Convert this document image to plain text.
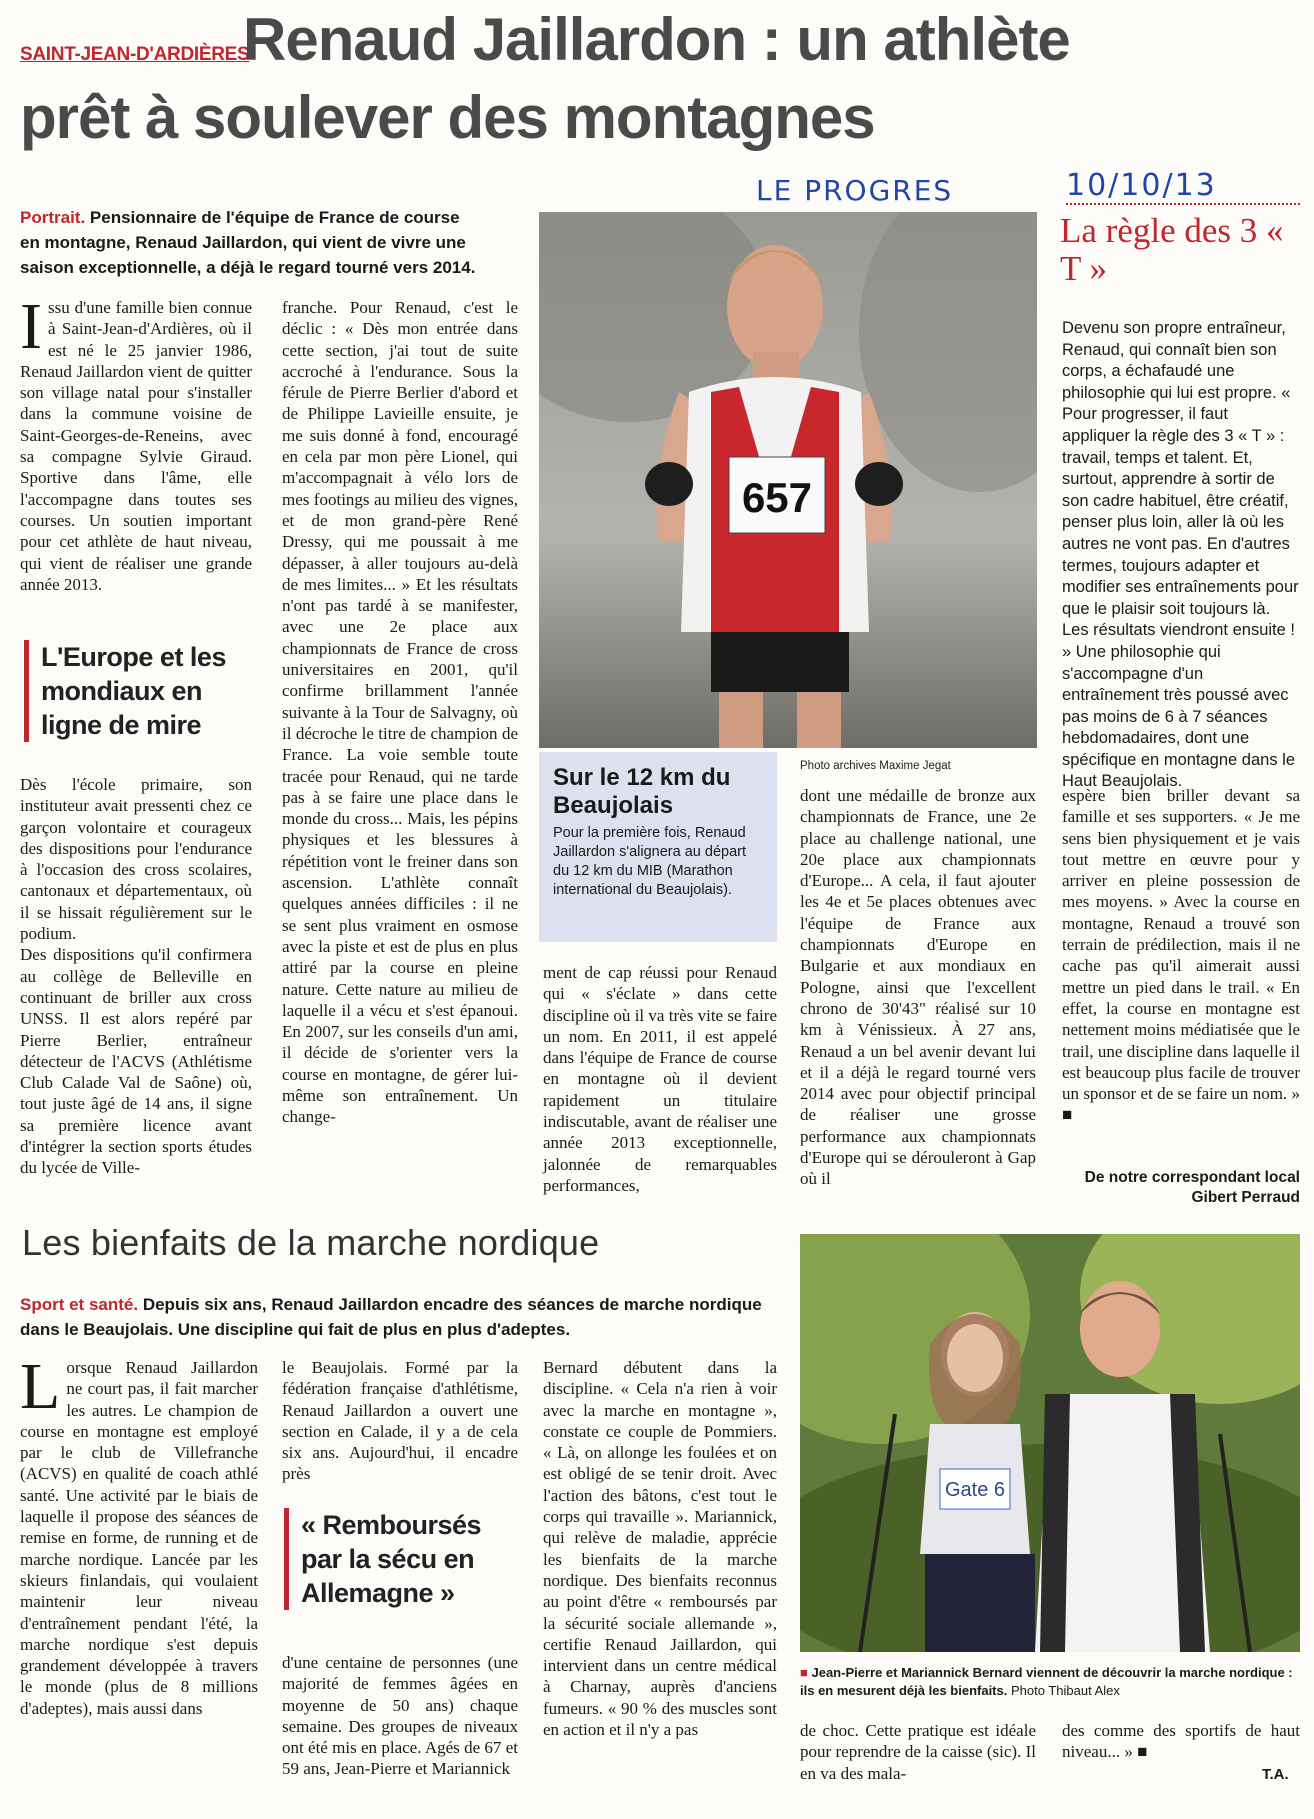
SAINT-JEAN-D'ARDIÈRES
Renaud Jaillardon : un athlète
prêt à soulever des montagnes
LE PROGRES	10/10/13
Portrait. Pensionnaire de l'équipe de France de course en montagne, Renaud Jaillardon, qui vient de vivre une saison exceptionnelle, a déjà le regard tourné vers 2014.

Issu d'une famille bien connue à Saint-Jean-d'Ardières, où il est né le 25 janvier 1986, Renaud Jaillardon vient de quitter son village natal pour s'installer dans la commune voisine de Saint-Georges-de-Reneins, avec sa compagne Sylvie Giraud. Sportive dans l'âme, elle l'accompagne dans toutes ses courses. Un soutien important pour cet athlète de haut niveau, qui vient de réaliser une grande année 2013.

L'Europe et les mondiaux en ligne de mire

Dès l'école primaire, son instituteur avait pressenti chez ce garçon volontaire et courageux des dispositions pour l'endurance à l'occasion des cross scolaires, cantonaux et départementaux, où il se hissait régulièrement sur le podium.

Des dispositions qu'il confirmera au collège de Belleville en continuant de briller aux cross UNSS. Il est alors repéré par Pierre Berlier, entraîneur détecteur de l'ACVS (Athlétisme Club Calade Val de Saône) où, tout juste âgé de 14 ans, il signe sa première licence avant d'intégrer la section sports études du lycée de Ville-

franche. Pour Renaud, c'est le déclic : « Dès mon entrée dans cette section, j'ai tout de suite accroché à l'endurance. Sous la férule de Pierre Berlier d'abord et de Philippe Lavieille ensuite, je me suis donné à fond, encouragé en cela par mon père Lionel, qui m'accompagnait à vélo lors de mes footings au milieu des vignes, et de mon grand-père René Dressy, qui me poussait à me dépasser, à aller toujours au-delà de mes limites... » Et les résultats n'ont pas tardé à se manifester, avec une 2e place aux championnats de France de cross universitaires en 2001, qu'il confirme brillamment l'année suivante à la Tour de Salvagny, où il décroche le titre de champion de France. La voie semble toute tracée pour Renaud, qui ne tarde pas à se faire une place dans le monde du cross... Mais, les pépins physiques et les blessures à répétition vont le freiner dans son ascension. L'athlète connaît quelques années difficiles : il ne se sent plus vraiment en osmose avec la piste et est de plus en plus attiré par la course en pleine nature. Cette nature au milieu de laquelle il a vécu et s'est épanoui. En 2007, sur les conseils d'un ami, il décide de s'orienter vers la course en montagne, de gérer lui-même son entraînement. Un change-

657
Photo archives Maxime Jegat
Sur le 12 km du Beaujolais
Pour la première fois, Renaud Jaillardon s'alignera au départ du 12 km du MIB (Marathon international du Beaujolais).

ment de cap réussi pour Renaud qui « s'éclate » dans cette discipline où il va très vite se faire un nom. En 2011, il est appelé dans l'équipe de France de course en montagne où il devient rapidement un titulaire indiscutable, avant de réaliser une année 2013 exceptionnelle, jalonnée de remarquables performances,

dont une médaille de bronze aux championnats de France, une 2e place au challenge national, une 20e place aux championnats d'Europe... A cela, il faut ajouter les 4e et 5e places obtenues avec l'équipe de France aux championnats d'Europe en Bulgarie et aux mondiaux en Pologne, ainsi que l'excellent chrono de 30'43" réalisé sur 10 km à Vénissieux. À 27 ans, Renaud a un bel avenir devant lui et il a déjà le regard tourné vers 2014 avec pour objectif principal de réaliser une grosse performance aux championnats d'Europe qui se dérouleront à Gap où il

La règle des 3 « T »
Devenu son propre entraîneur, Renaud, qui connaît bien son corps, a échafaudé une philosophie qui lui est propre. « Pour progresser, il faut appliquer la règle des 3 « T » : travail, temps et talent. Et, surtout, apprendre à sortir de son cadre habituel, être créatif, penser plus loin, aller là où les autres ne vont pas. En d'autres termes, toujours adapter et modifier ses entraînements pour que le plaisir soit toujours là. Les résultats viendront ensuite ! » Une philosophie qui s'accompagne d'un entraînement très poussé avec pas moins de 6 à 7 séances hebdomadaires, dont une spécifique en montagne dans le Haut Beaujolais.

espère bien briller devant sa famille et ses supporters. « Je me sens bien physiquement et je vais tout mettre en œuvre pour y arriver en pleine possession de mes moyens. » Avec la course en montagne, Renaud a trouvé son terrain de prédilection, mais il ne cache pas qu'il aimerait aussi mettre un pied dans le trail. « En effet, la course en montagne est nettement moins médiatisée que le trail, une discipline dans laquelle il est beaucoup plus facile de trouver un sponsor et de se faire un nom. » ■

De notre correspondant local
Gibert Perraud
Les bienfaits de la marche nordique
Sport et santé. Depuis six ans, Renaud Jaillardon encadre des séances de marche nordique dans le Beaujolais. Une discipline qui fait de plus en plus d'adeptes.

Lorsque Renaud Jaillardon ne court pas, il fait marcher les autres. Le champion de course en montagne est employé par le club de Villefranche (ACVS) en qualité de coach athlé santé. Une activité par le biais de laquelle il propose des séances de remise en forme, de running et de marche nordique. Lancée par les skieurs finlandais, qui voulaient maintenir leur niveau d'entraînement pendant l'été, la marche nordique s'est depuis grandement développée à travers le monde (plus de 8 millions d'adeptes), mais aussi dans

le Beaujolais. Formé par la fédération française d'athlétisme, Renaud Jaillardon a ouvert une section en Calade, il y a de cela six ans. Aujourd'hui, il encadre près

« Remboursés par la sécu en Allemagne »

d'une centaine de personnes (une majorité de femmes âgées en moyenne de 50 ans) chaque semaine. Des groupes de niveaux ont été mis en place. Agés de 67 et 59 ans, Jean-Pierre et Mariannick

Bernard débutent dans la discipline. « Cela n'a rien à voir avec la marche en montagne », constate ce couple de Pommiers. « Là, on allonge les foulées et on est obligé de se tenir droit. Avec l'action des bâtons, c'est tout le corps qui travaille ». Mariannick, qui relève de maladie, apprécie les bienfaits de la marche nordique. Des bienfaits reconnus au point d'être « remboursés par la sécurité sociale allemande », certifie Renaud Jaillardon, qui intervient dans un centre médical à Charnay, auprès d'anciens fumeurs. « 90 % des muscles sont en action et il n'y a pas

Gate 6
■ Jean-Pierre et Mariannick Bernard viennent de découvrir la marche nordique : ils en mesurent déjà les bienfaits. Photo Thibaut Alex

de choc. Cette pratique est idéale pour reprendre de la caisse (sic). Il en va des mala-

des comme des sportifs de haut niveau... » ■

T.A.
